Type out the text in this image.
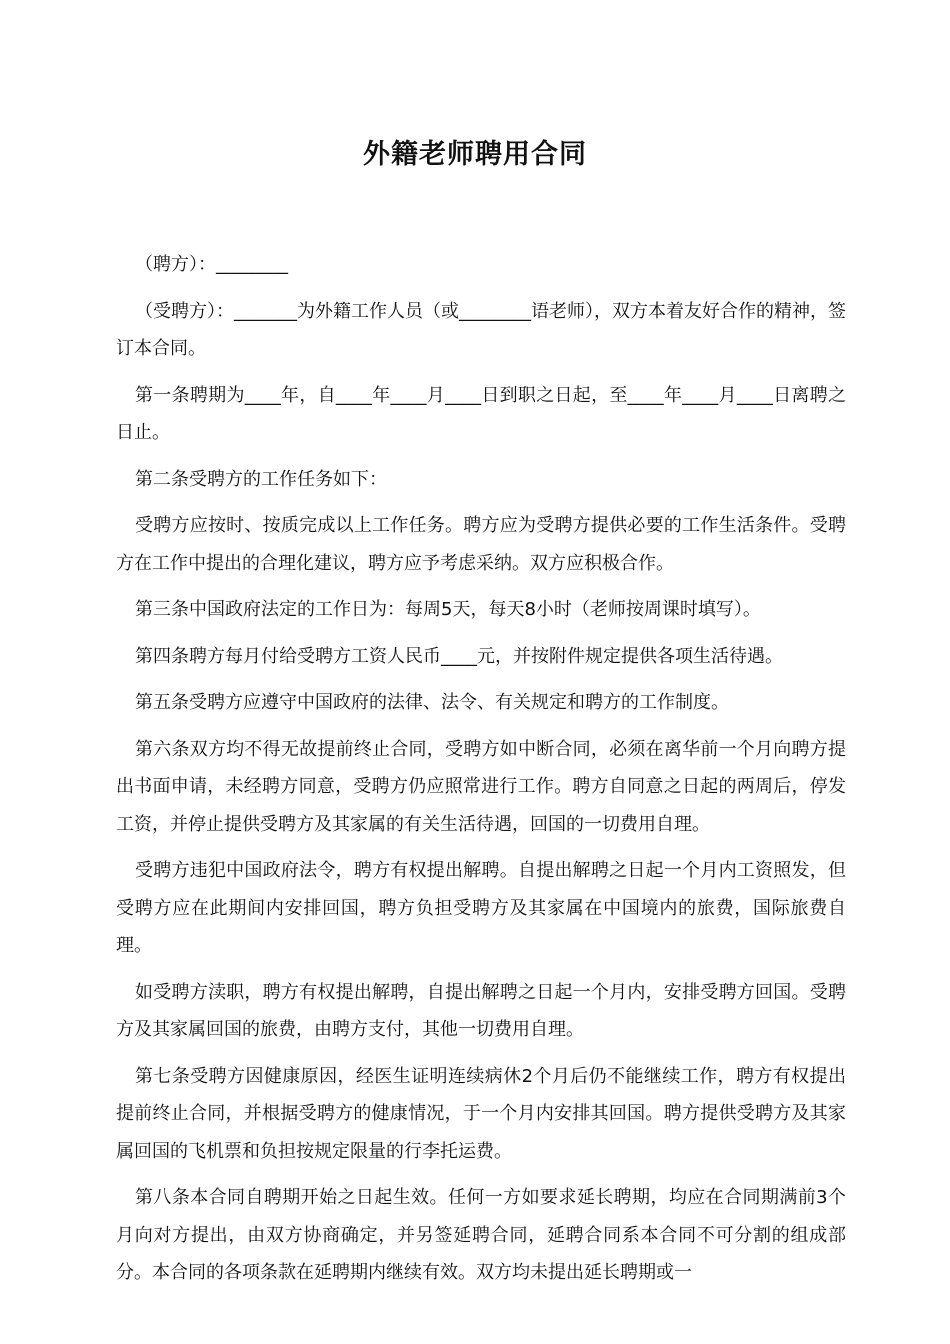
外籍老师聘用合同

（聘方）：________

（受聘方）：_______为外籍工作人员（或________语老师），双方本着友好合作的精神，签订本合同。

第一条聘期为____年，自____年____月____日到职之日起，至____年____月____日离聘之日止。

第二条受聘方的工作任务如下：

受聘方应按时、按质完成以上工作任务。聘方应为受聘方提供必要的工作生活条件。受聘方在工作中提出的合理化建议，聘方应予考虑采纳。双方应积极合作。

第三条中国政府法定的工作日为：每周5天，每天8小时（老师按周课时填写）。

第四条聘方每月付给受聘方工资人民币____元，并按附件规定提供各项生活待遇。

第五条受聘方应遵守中国政府的法律、法令、有关规定和聘方的工作制度。

第六条双方均不得无故提前终止合同，受聘方如中断合同，必须在离华前一个月向聘方提出书面申请，未经聘方同意，受聘方仍应照常进行工作。聘方自同意之日起的两周后，停发工资，并停止提供受聘方及其家属的有关生活待遇，回国的一切费用自理。

受聘方违犯中国政府法令，聘方有权提出解聘。自提出解聘之日起一个月内工资照发，但受聘方应在此期间内安排回国，聘方负担受聘方及其家属在中国境内的旅费，国际旅费自理。

如受聘方渎职，聘方有权提出解聘，自提出解聘之日起一个月内，安排受聘方回国。受聘方及其家属回国的旅费，由聘方支付，其他一切费用自理。

第七条受聘方因健康原因，经医生证明连续病休2个月后仍不能继续工作，聘方有权提出提前终止合同，并根据受聘方的健康情况，于一个月内安排其回国。聘方提供受聘方及其家属回国的飞机票和负担按规定限量的行李托运费。

第八条本合同自聘期开始之日起生效。任何一方如要求延长聘期，均应在合同期满前3个月向对方提出，由双方协商确定，并另签延聘合同，延聘合同系本合同不可分割的组成部分。本合同的各项条款在延聘期内继续有效。双方均未提出延长聘期或一
